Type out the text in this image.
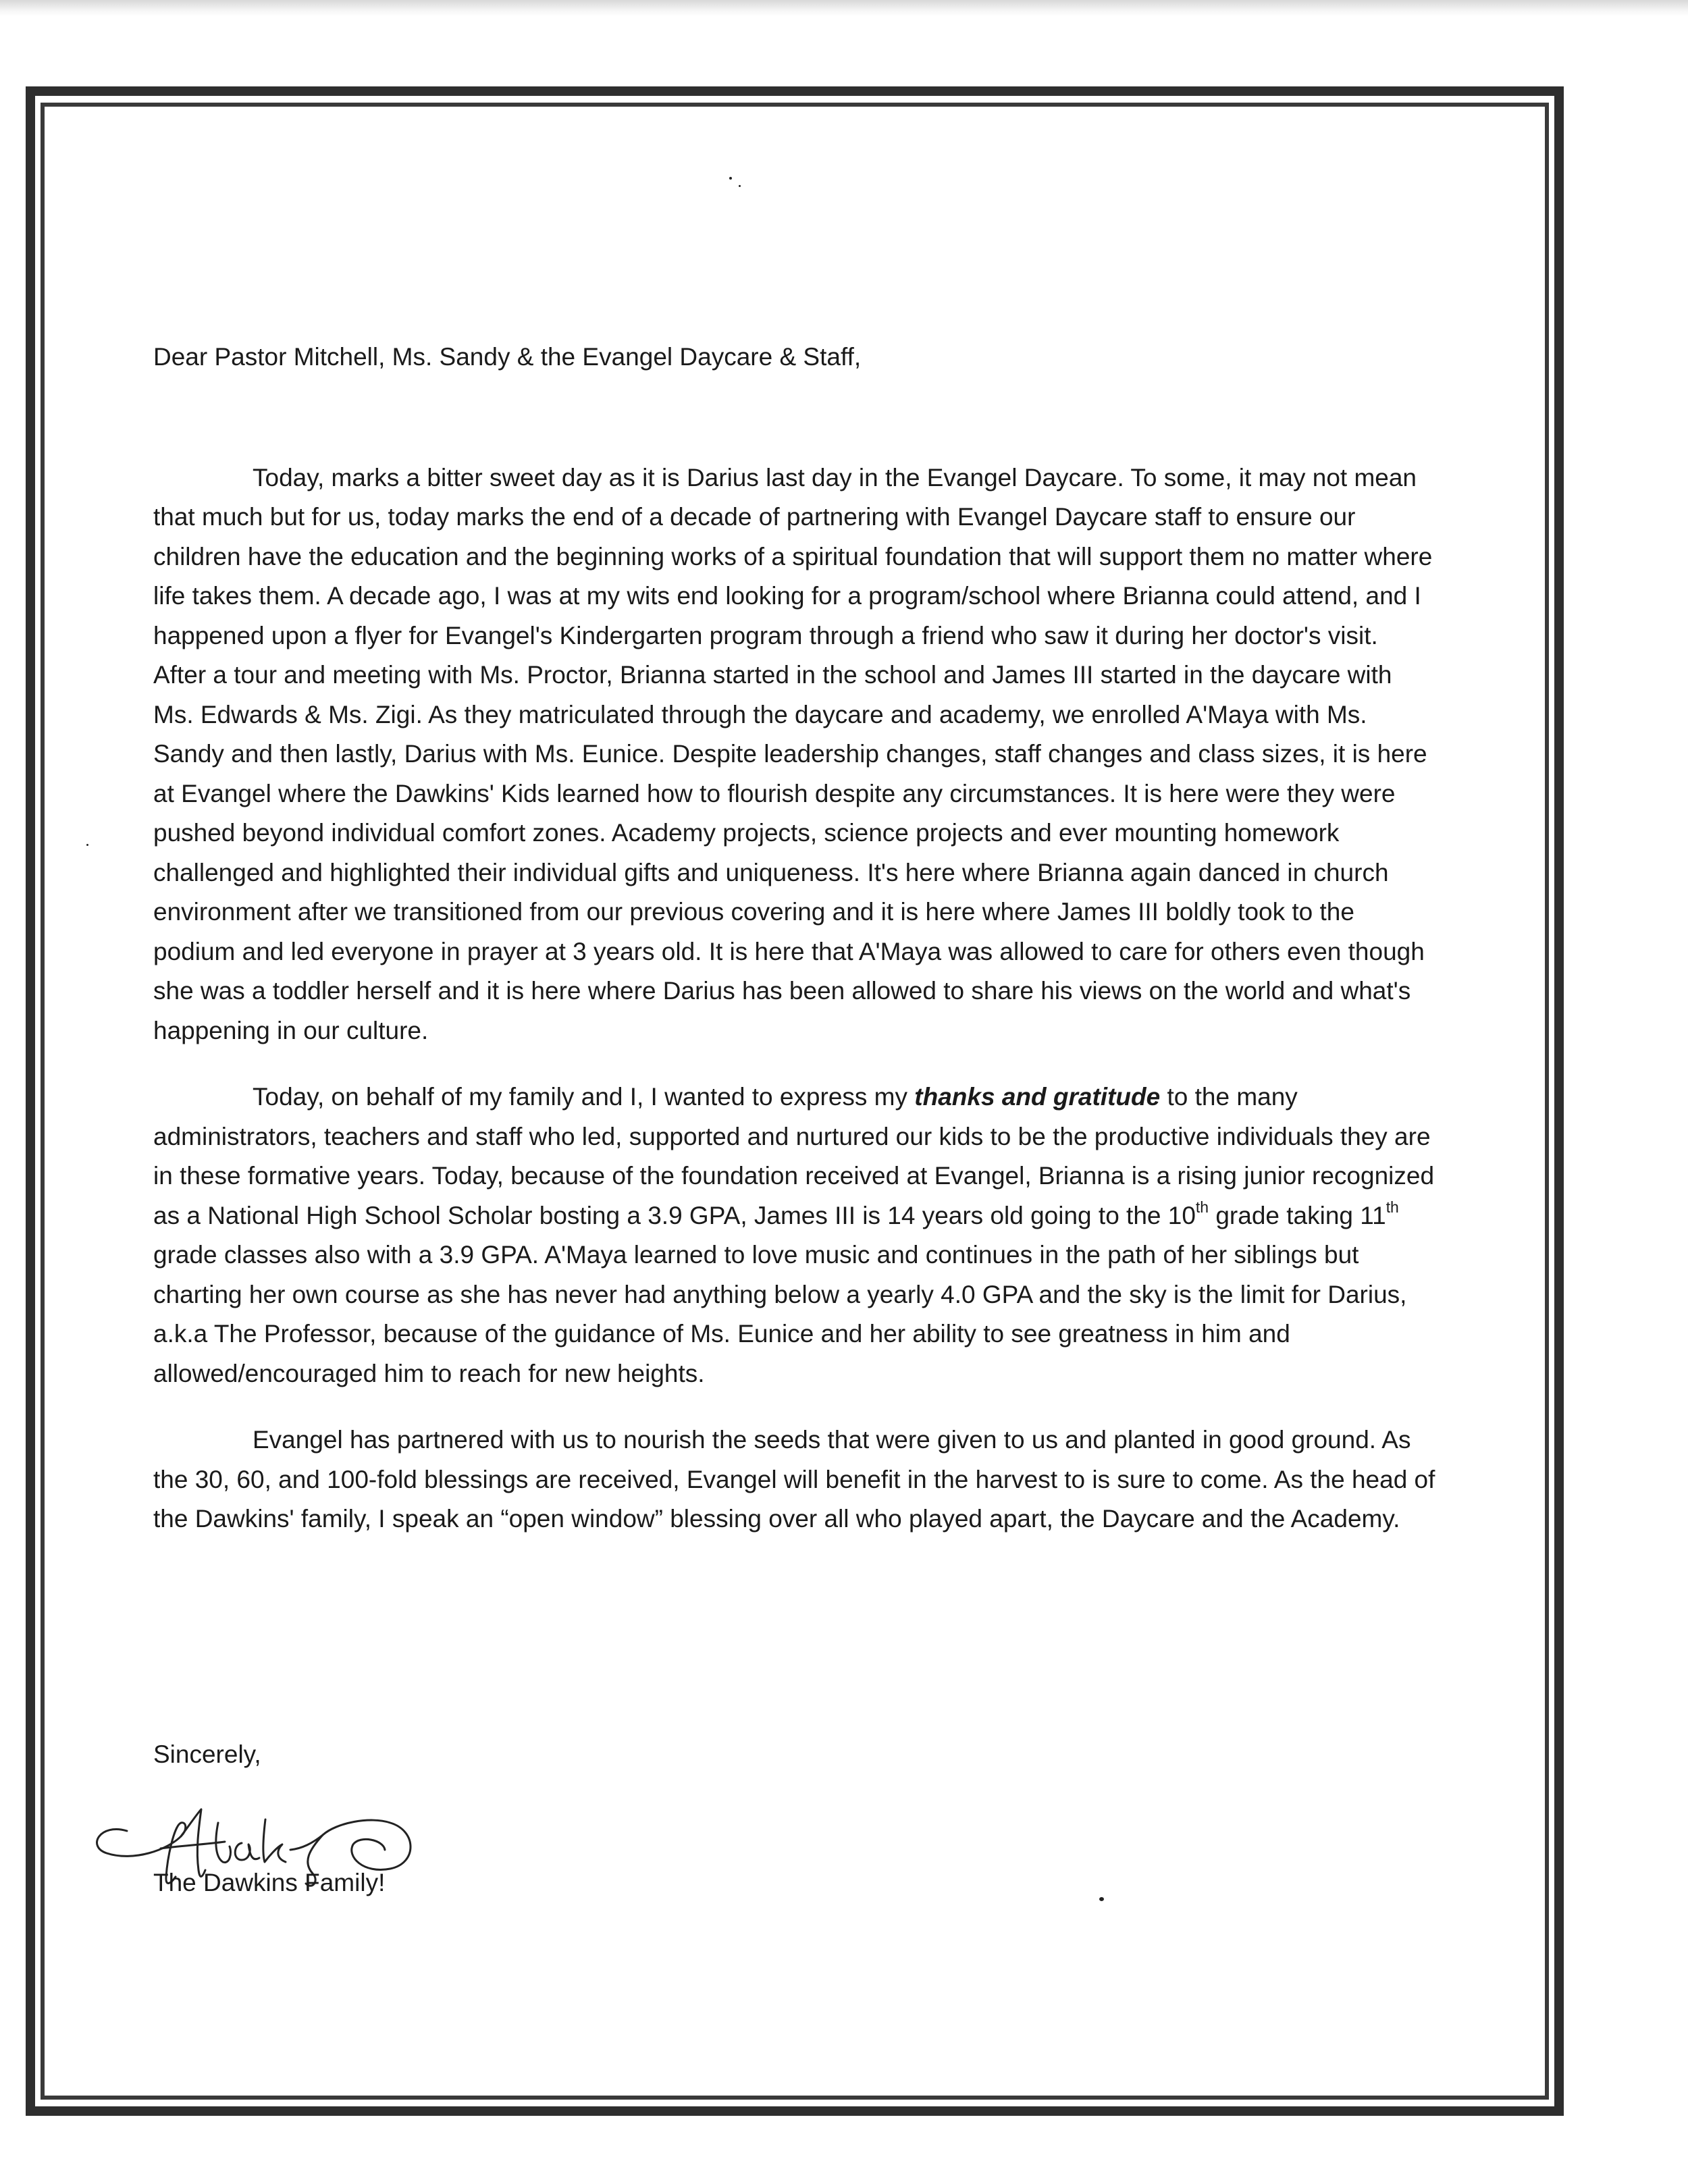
Dear Pastor Mitchell, Ms. Sandy & the Evangel Daycare & Staff,

Today, marks a bitter sweet day as it is Darius last day in the Evangel Daycare. To some, it may not mean that much but for us, today marks the end of a decade of partnering with Evangel Daycare staff to ensure our children have the education and the beginning works of a spiritual foundation that will support them no matter where life takes them. A decade ago, I was at my wits end looking for a program/school where Brianna could attend, and I happened upon a flyer for Evangel's Kindergarten program through a friend who saw it during her doctor's visit. After a tour and meeting with Ms. Proctor, Brianna started in the school and James III started in the daycare with Ms. Edwards & Ms. Zigi. As they matriculated through the daycare and academy, we enrolled A'Maya with Ms. Sandy and then lastly, Darius with Ms. Eunice. Despite leadership changes, staff changes and class sizes, it is here at Evangel where the Dawkins' Kids learned how to flourish despite any circumstances. It is here were they were pushed beyond individual comfort zones. Academy projects, science projects and ever mounting homework challenged and highlighted their individual gifts and uniqueness. It's here where Brianna again danced in church environment after we transitioned from our previous covering and it is here where James III boldly took to the podium and led everyone in prayer at 3 years old. It is here that A'Maya was allowed to care for others even though she was a toddler herself and it is here where Darius has been allowed to share his views on the world and what's happening in our culture.

Today, on behalf of my family and I, I wanted to express my thanks and gratitude to the many administrators, teachers and staff who led, supported and nurtured our kids to be the productive individuals they are in these formative years. Today, because of the foundation received at Evangel, Brianna is a rising junior recognized as a National High School Scholar bosting a 3.9 GPA, James III is 14 years old going to the 10th grade taking 11th grade classes also with a 3.9 GPA. A'Maya learned to love music and continues in the path of her siblings but charting her own course as she has never had anything below a yearly 4.0 GPA and the sky is the limit for Darius, a.k.a The Professor, because of the guidance of Ms. Eunice and her ability to see greatness in him and allowed/encouraged him to reach for new heights.

Evangel has partnered with us to nourish the seeds that were given to us and planted in good ground. As the 30, 60, and 100-fold blessings are received, Evangel will benefit in the harvest to is sure to come. As the head of the Dawkins' family, I speak an “open window” blessing over all who played apart, the Daycare and the Academy.

Sincerely,
The Dawkins Family!
